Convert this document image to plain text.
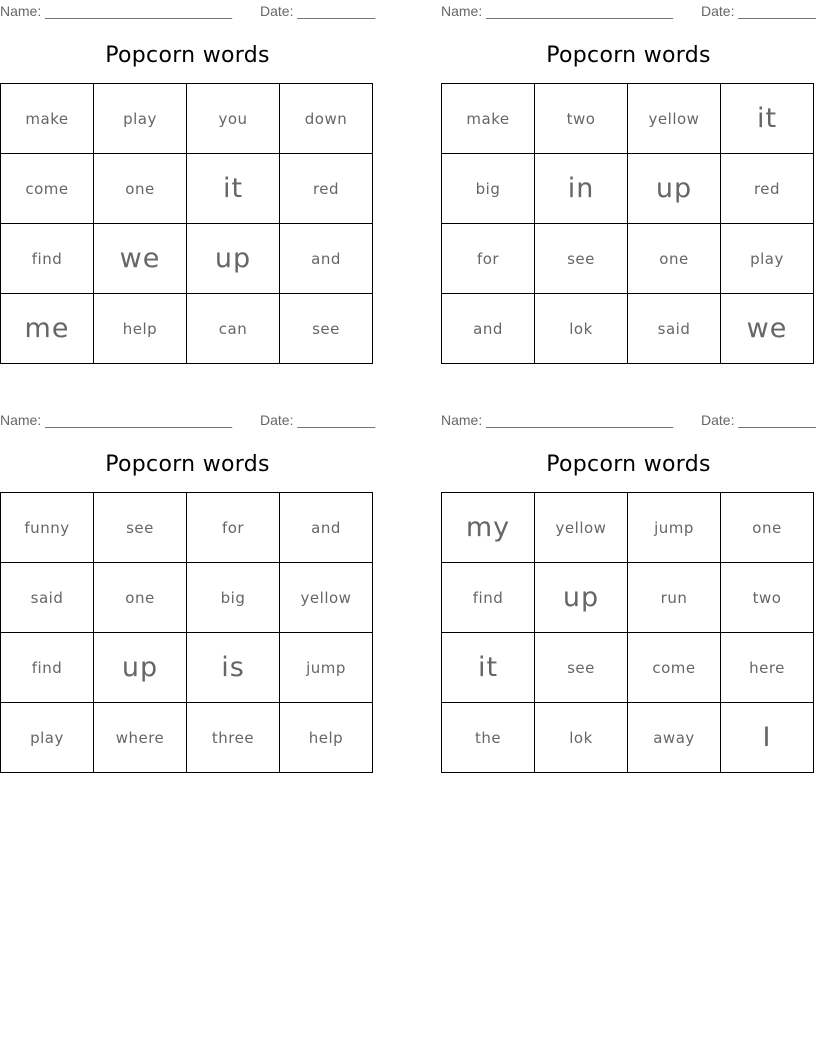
Name: ________________________ Date: __________
Popcorn words
make	play	you	down
come	one	it	red
find	we	up	and
me	help	can	see
Name: ________________________ Date: __________
Popcorn words
make	two	yellow	it
big	in	up	red
for	see	one	play
and	lok	said	we
Name: ________________________ Date: __________
Popcorn words
funny	see	for	and
said	one	big	yellow
find	up	is	jump
play	where	three	help
Name: ________________________ Date: __________
Popcorn words
my	yellow	jump	one
find	up	run	two
it	see	come	here
the	lok	away	I
